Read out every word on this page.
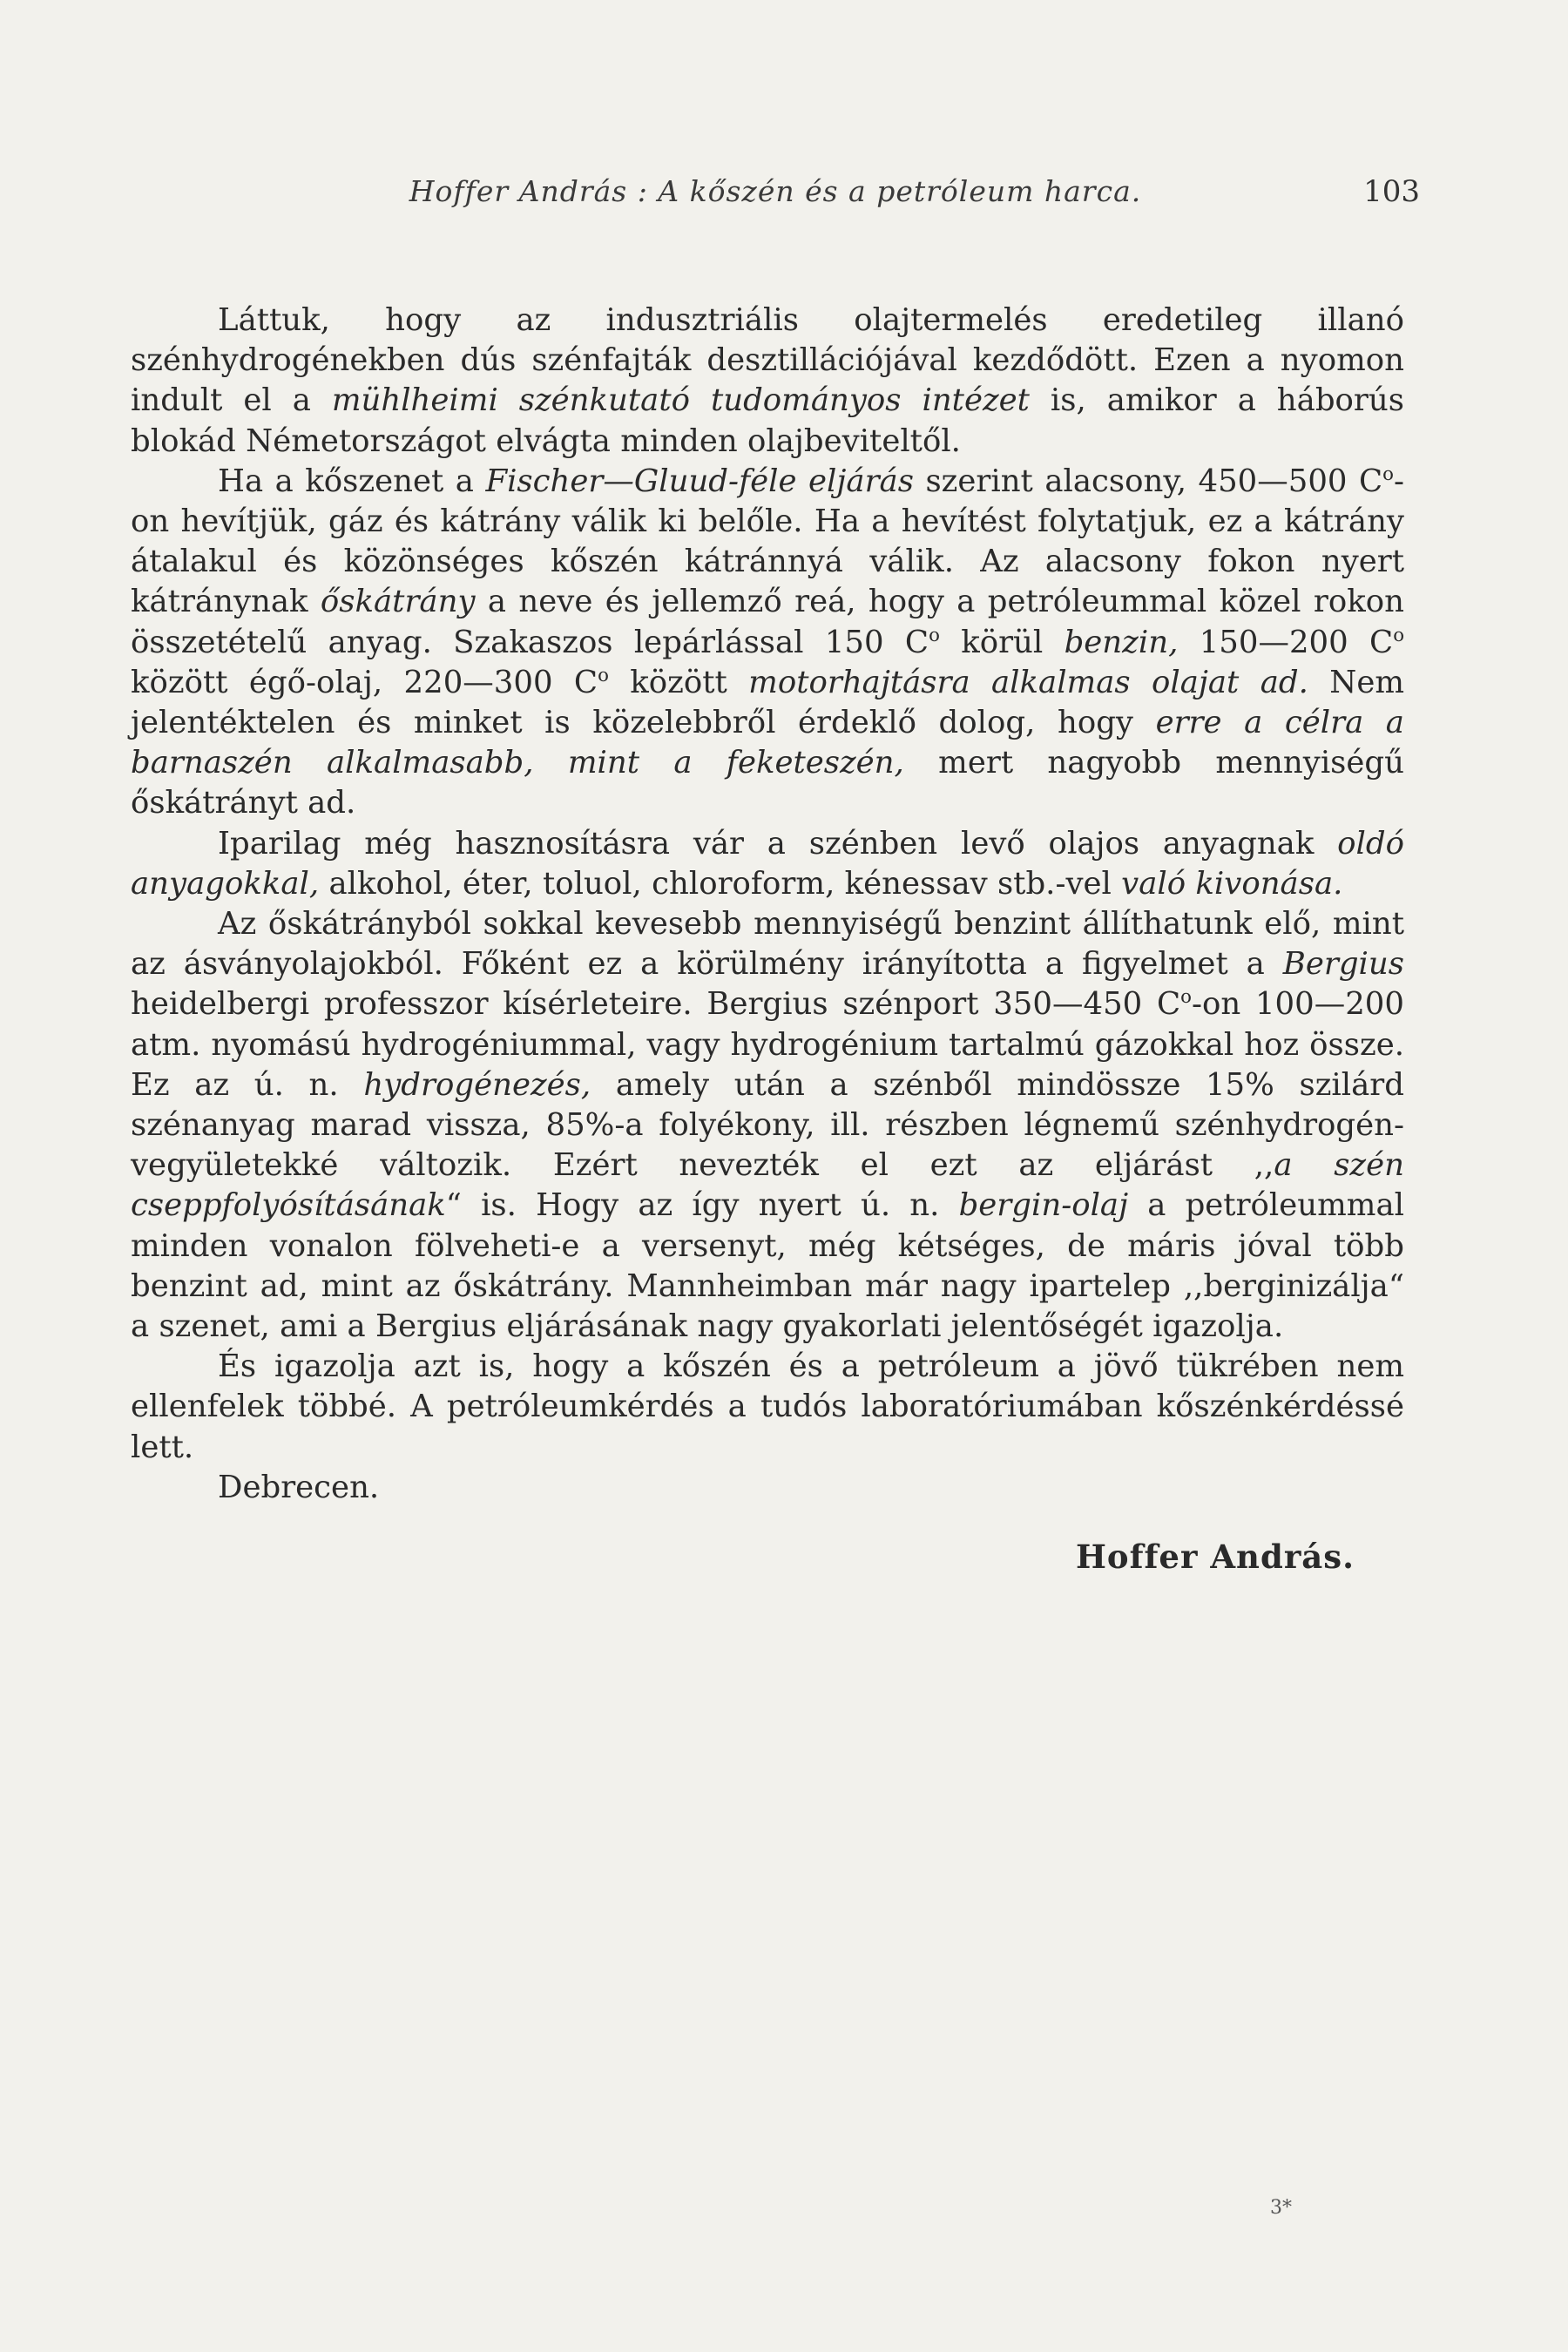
Hoffer András : A kőszén és a petróleum harca.	103

Láttuk, hogy az indusztriális olajtermelés eredetileg illanó szénhydrogénekben dús szénfajták desztillációjával kezdődött. Ezen a nyomon indult el a mühlheimi szénkutató tudományos intézet is, amikor a háborús blokád Németországot elvágta minden olajbeviteltől.

Ha a kőszenet a Fischer—Gluud-féle eljárás szerint alacsony, 450—500 $C^o-on$ hevítjük, gáz és kátrány válik ki belőle. Ha a hevítést folytatjuk, ez a kátrány átalakul és közönséges kőszén kátránnyá válik. Az alacsony fokon nyert kátránynak őskátrány a neve és jellemző reá, hogy a petróleummal közel rokon összetételű anyag. Szakaszos lepárlással 150 $C^o$ körül benzin, 150—200 $C^o$ között égő-olaj, 220—300 $C^o$ között motorhajtásra alkalmas olajat ad. Nem jelentéktelen és minket is közelebbről érdeklő dolog, hogy erre a célra a barnaszén alkalmasabb, mint a feketeszén, mert nagyobb mennyiségű őskátrányt ad.

Iparilag még hasznosításra vár a szénben levő olajos anyagnak oldó anyagokkal, alkohol, éter, toluol, chloroform, kénessav stb.-vel való kivonása.

Az őskátrányból sokkal kevesebb mennyiségű benzint állíthatunk elő, mint az ásványolajokból. Főként ez a körülmény irányította a figyelmet a Bergius heidelbergi professzor kísérleteire. Bergius szénport 350—450 $C^o-on$ 100—200 atm. nyomású hydrogéniummal, vagy hydrogénium tartalmú gázokkal hoz össze. Ez az ú. n. hydrogénezés, amely után a szénből mindössze 15% szilárd szénanyag marad vissza, 85%-a folyékony, ill. részben légnemű szénhydrogén-vegyületekké változik. Ezért nevezték el ezt az eljárást ,,a szén cseppfolyósításának“ is. Hogy az így nyert ú. n. bergin-olaj a petróleummal minden vonalon fölveheti-e a versenyt, még kétséges, de máris jóval több benzint ad, mint az őskátrány. Mannheimban már nagy ipartelep ,,berginizálja“ a szenet, ami a Bergius eljárásának nagy gyakorlati jelentőségét igazolja.

És igazolja azt is, hogy a kőszén és a petróleum a jövő tükrében nem ellenfelek többé. A petróleumkérdés a tudós laboratóriumában kőszénkérdéssé lett.

Debrecen.
Hoffer András.
3*
